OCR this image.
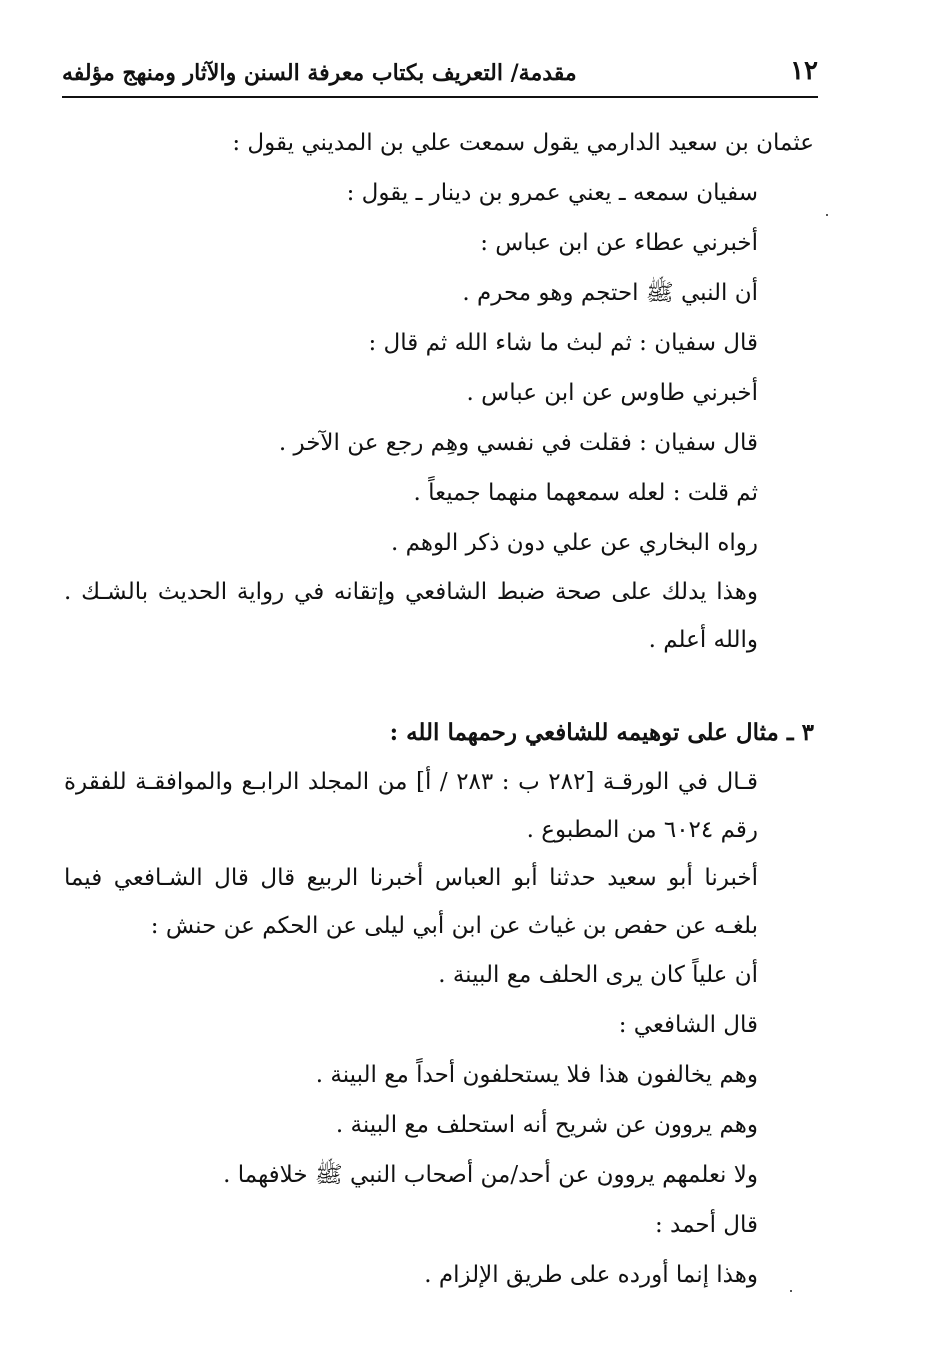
١٢
مقدمة/ التعريف بكتاب معرفة السنن والآثار ومنهج مؤلفه

عثمان بن سعيد الدارمي يقول سمعت علي بن المديني يقول :

سفيان سمعه ـ يعني عمرو بن دينار ـ يقول :

أخبرني عطاء عن ابن عباس :

أن النبي ﷺ احتجم وهو محرم .

قال سفيان : ثم لبث ما شاء الله ثم قال :

أخبرني طاوس عن ابن عباس .

قال سفيان : فقلت في نفسي وهِم رجع عن الآخر .

ثم قلت : لعله سمعهما منهما جميعاً .

رواه البخاري عن علي دون ذكر الوهم .

وهذا يدلك على صحة ضبط الشافعي وإتقانه في رواية الحديث بالشـك . والله أعلم .

٣ ـ مثال على توهيمه للشافعي رحمهما الله :

قـال في الورقـة [٢٨٢ ب : ٢٨٣ / أ] من المجلد الرابـع والموافقـة للفقرة رقم ٦٠٢٤ من المطبوع .

أخبرنا أبو سعيد حدثنا أبو العباس أخبرنا الربيع قال قال الشـافعي فيما بلغـه عن حفص بن غياث عن ابن أبي ليلى عن الحكم عن حنش :

أن علياً كان يرى الحلف مع البينة .

قال الشافعي :

وهم يخالفون هذا فلا يستحلفون أحداً مع البينة .

وهم يروون عن شريح أنه استحلف مع البينة .

ولا نعلمهم يروون عن أحد/من أصحاب النبي ﷺ خلافهما .

قال أحمد :

وهذا إنما أورده على طريق الإلزام .
